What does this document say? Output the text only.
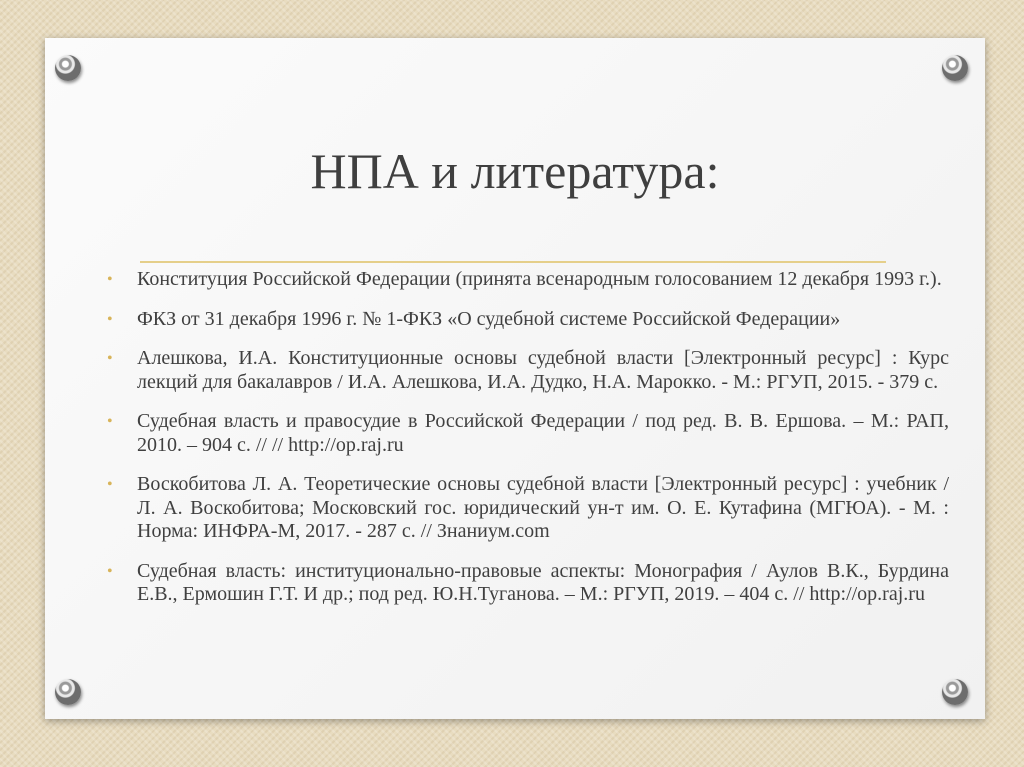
НПА и литература:
• Конституция Российской Федерации (принята всенародным голосованием 12 декабря 1993 г.).
• ФКЗ от 31 декабря 1996 г. № 1-ФКЗ «О судебной системе Российской Федерации»
• Алешкова, И.А. Конституционные основы судебной власти [Электронный ресурс] : Курс лекций для бакалавров / И.А. Алешкова, И.А. Дудко, Н.А. Марокко. - М.: РГУП, 2015. - 379 с.
• Судебная власть и правосудие в Российской Федерации / под ред. В. В. Ершова. – М.: РАП, 2010. – 904 с. // // http://op.raj.ru
• Воскобитова Л. А. Теоретические основы судебной власти [Электронный ресурс] : учебник / Л. А. Воскобитова; Московский гос. юридический ун-т им. О. Е. Кутафина (МГЮА). - М. : Норма: ИНФРА-М, 2017. - 287 с. // Знаниум.com
• Судебная власть: институционально-правовые аспекты: Монография / Аулов В.К., Бурдина Е.В., Ермошин Г.Т. И др.; под ред. Ю.Н.Туганова. – М.: РГУП, 2019. – 404 с. // http://op.raj.ru
